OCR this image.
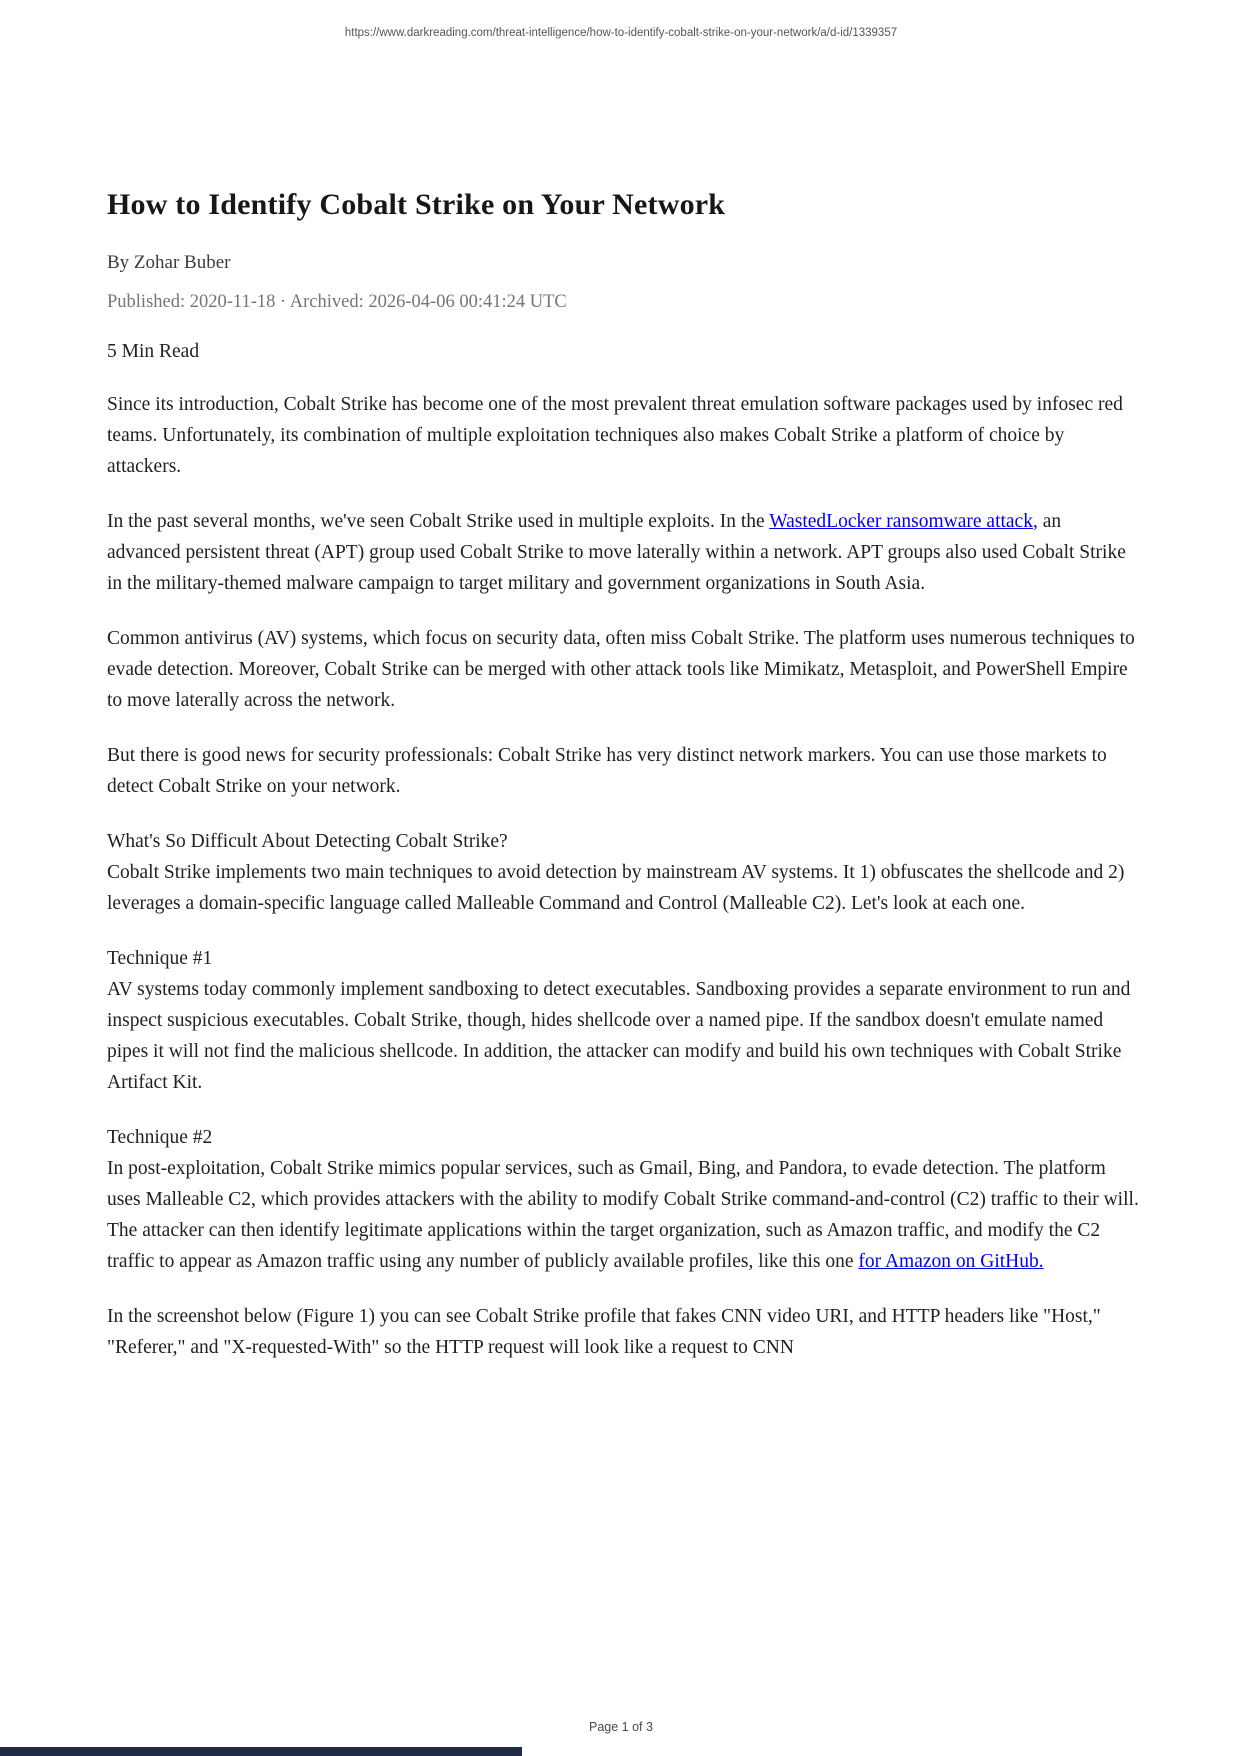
https://www.darkreading.com/threat-intelligence/how-to-identify-cobalt-strike-on-your-network/a/d-id/1339357
How to Identify Cobalt Strike on Your Network
By Zohar Buber
Published: 2020-11-18 · Archived: 2026-04-06 00:41:24 UTC
5 Min Read

Since its introduction, Cobalt Strike has become one of the most prevalent threat emulation software packages used by infosec red teams. Unfortunately, its combination of multiple exploitation techniques also makes Cobalt Strike a platform of choice by attackers.

In the past several months, we've seen Cobalt Strike used in multiple exploits. In the WastedLocker ransomware attack, an advanced persistent threat (APT) group used Cobalt Strike to move laterally within a network. APT groups also used Cobalt Strike in the military-themed malware campaign to target military and government organizations in South Asia.

Common antivirus (AV) systems, which focus on security data, often miss Cobalt Strike. The platform uses numerous techniques to evade detection. Moreover, Cobalt Strike can be merged with other attack tools like Mimikatz, Metasploit, and PowerShell Empire to move laterally across the network.

But there is good news for security professionals: Cobalt Strike has very distinct network markers. You can use those markets to detect Cobalt Strike on your network.

What's So Difficult About Detecting Cobalt Strike?
Cobalt Strike implements two main techniques to avoid detection by mainstream AV systems. It 1) obfuscates the shellcode and 2) leverages a domain-specific language called Malleable Command and Control (Malleable C2). Let's look at each one.

Technique #1
AV systems today commonly implement sandboxing to detect executables. Sandboxing provides a separate environment to run and inspect suspicious executables. Cobalt Strike, though, hides shellcode over a named pipe. If the sandbox doesn't emulate named pipes it will not find the malicious shellcode. In addition, the attacker can modify and build his own techniques with Cobalt Strike Artifact Kit.

Technique #2
In post-exploitation, Cobalt Strike mimics popular services, such as Gmail, Bing, and Pandora, to evade detection. The platform uses Malleable C2, which provides attackers with the ability to modify Cobalt Strike command-and-control (C2) traffic to their will. The attacker can then identify legitimate applications within the target organization, such as Amazon traffic, and modify the C2 traffic to appear as Amazon traffic using any number of publicly available profiles, like this one for Amazon on GitHub.

In the screenshot below (Figure 1) you can see Cobalt Strike profile that fakes CNN video URI, and HTTP headers like "Host," "Referer," and "X-requested-With" so the HTTP request will look like a request to CNN

Page 1 of 3
